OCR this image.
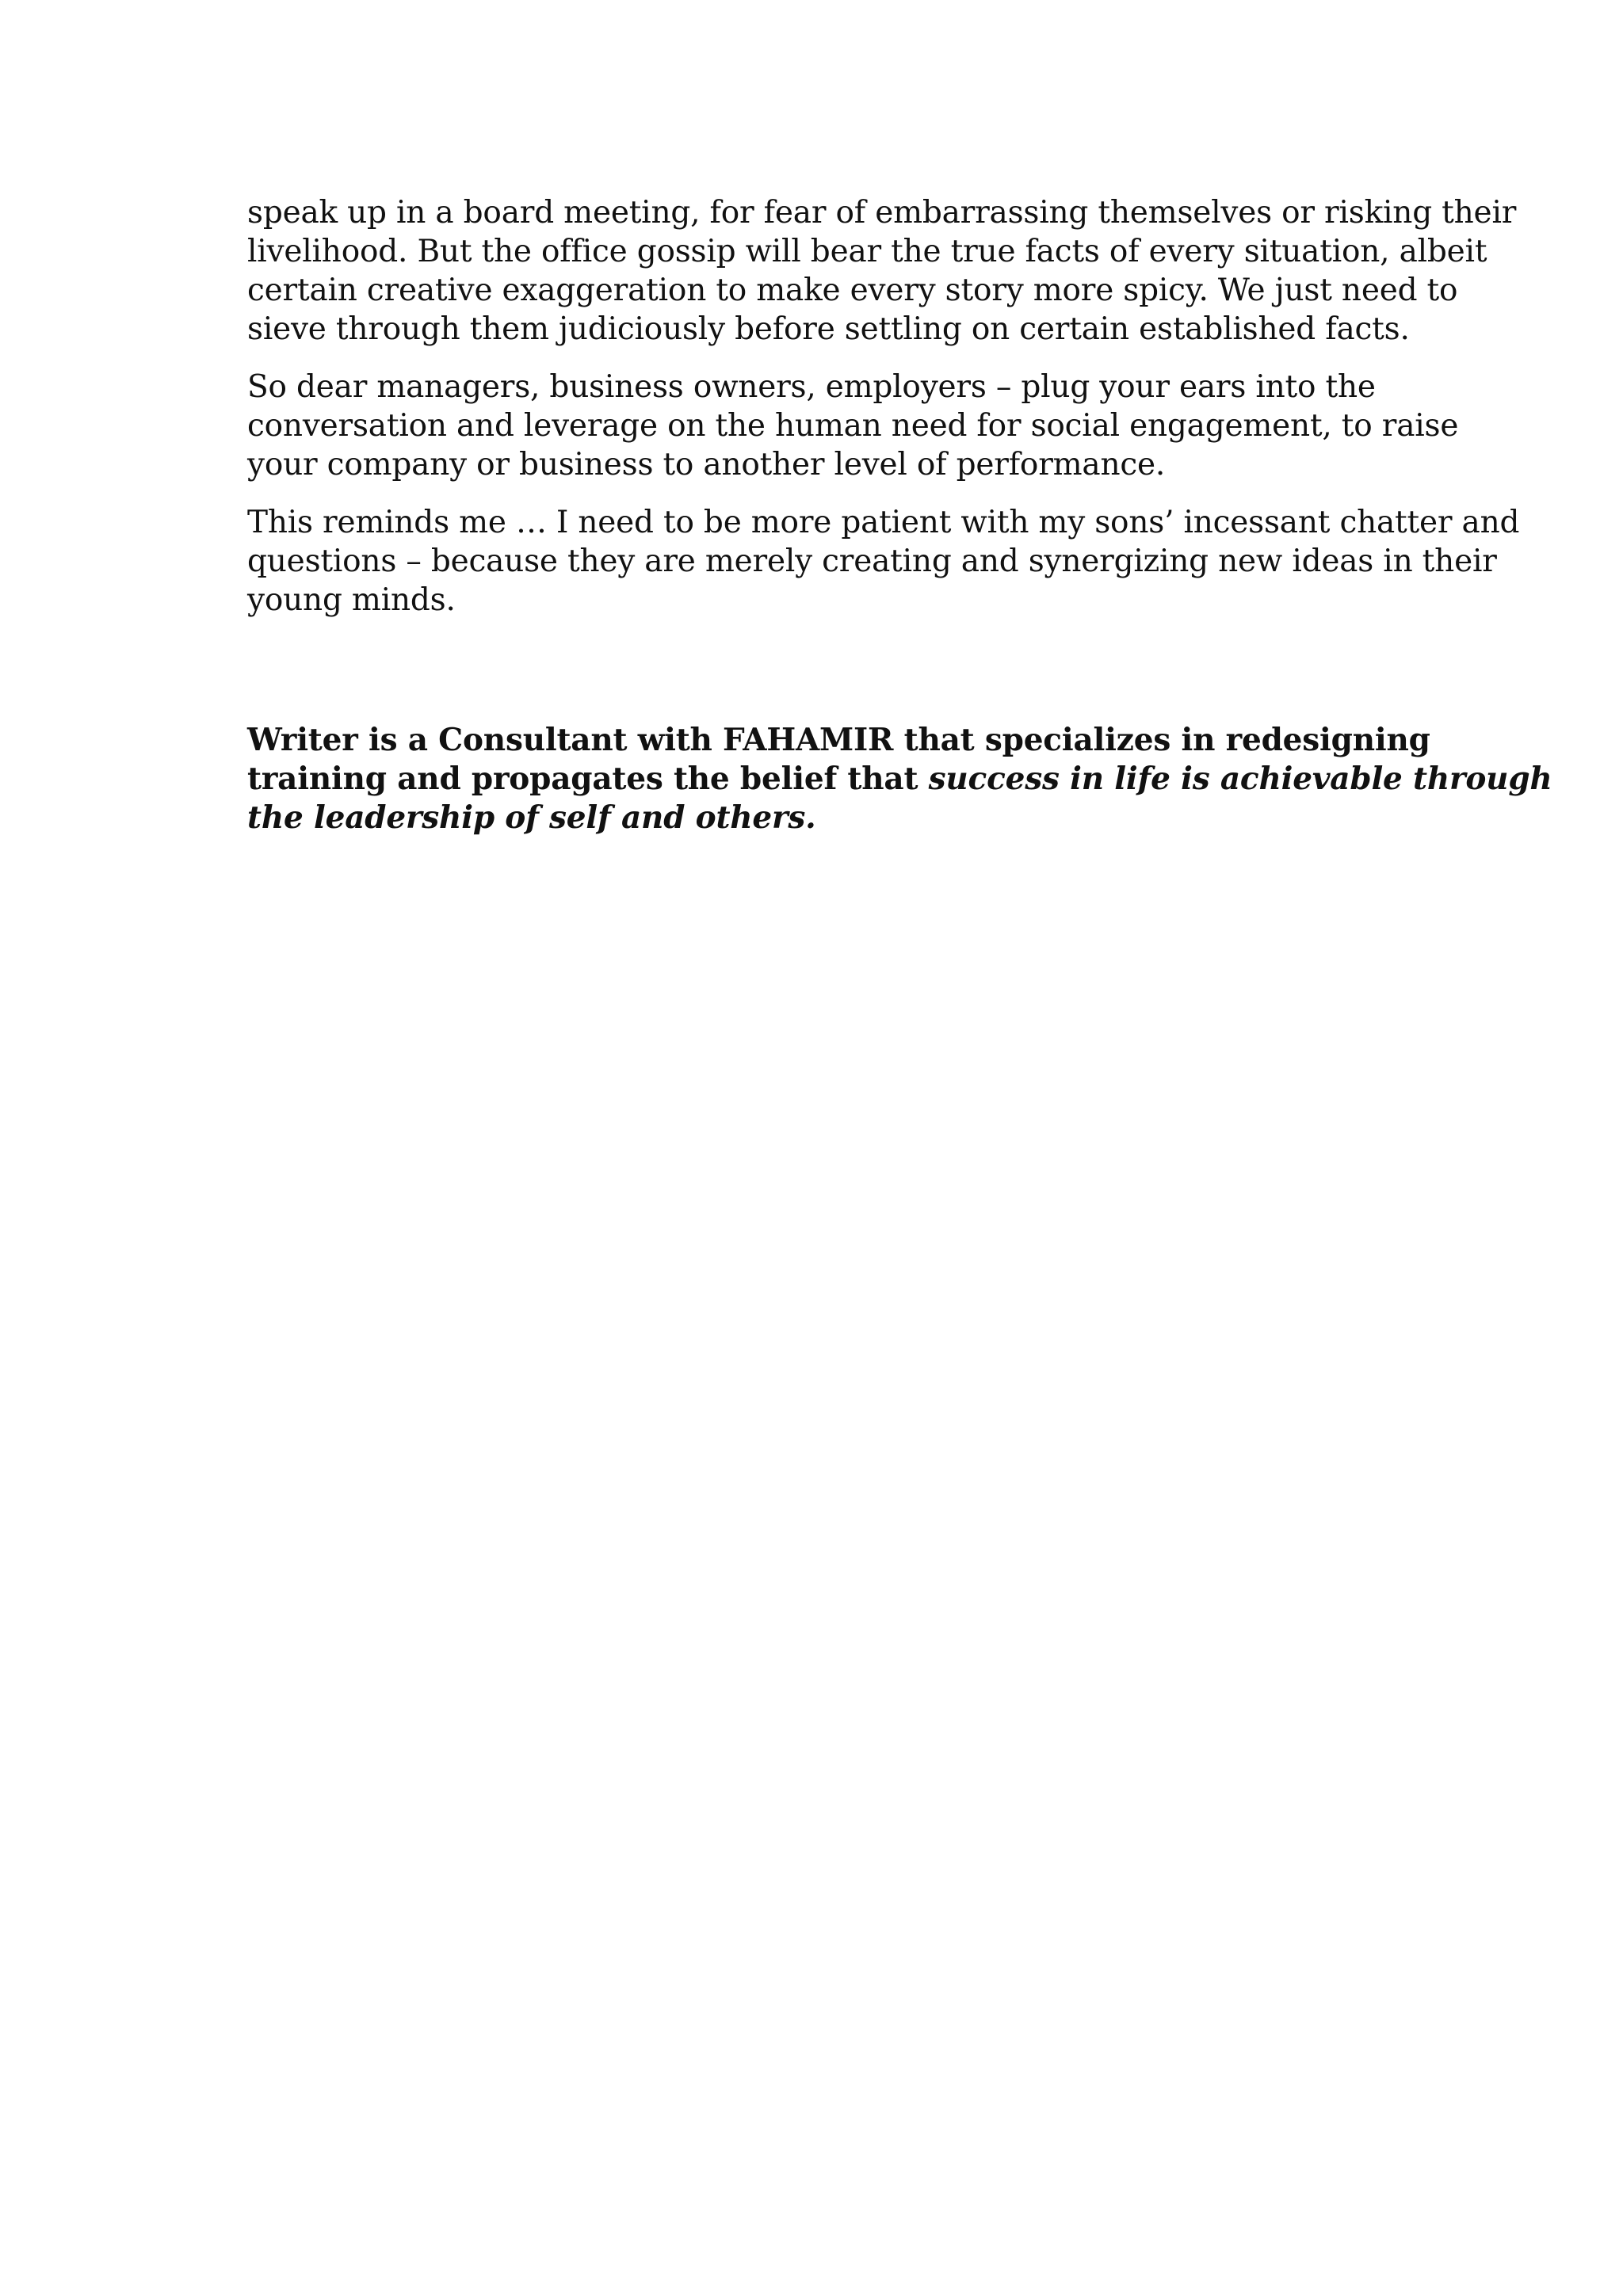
speak up in a board meeting, for fear of embarrassing themselves or risking their
livelihood. But the office gossip will bear the true facts of every situation, albeit
certain creative exaggeration to make every story more spicy. We just need to
sieve through them judiciously before settling on certain established facts.

So dear managers, business owners, employers – plug your ears into the
conversation and leverage on the human need for social engagement, to raise
your company or business to another level of performance.

This reminds me … I need to be more patient with my sons’ incessant chatter and
questions – because they are merely creating and synergizing new ideas in their
young minds.

Writer is a Consultant with FAHAMIR that specializes in redesigning
training and propagates the belief that success in life is achievable through
the leadership of self and others.
